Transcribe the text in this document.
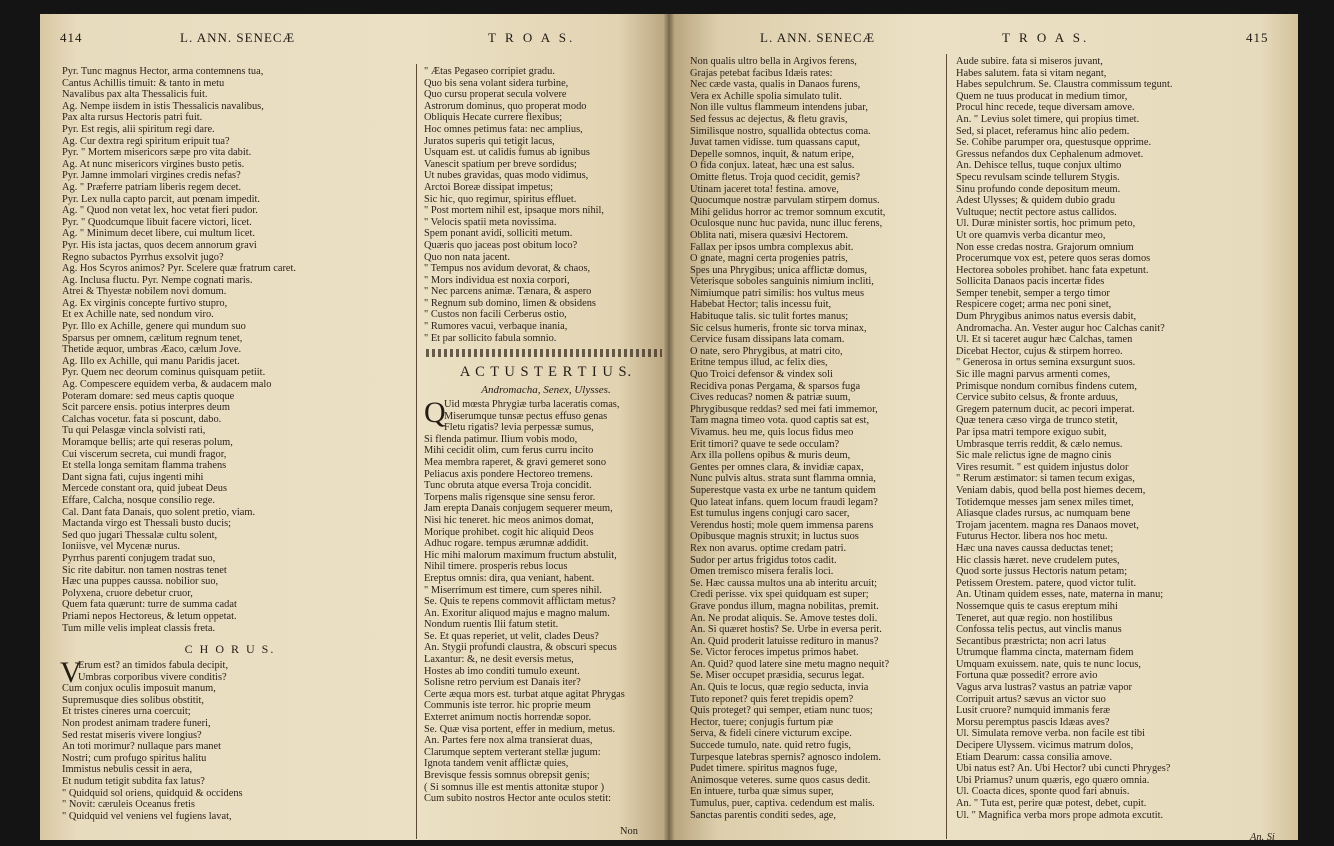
414	L. ANN. SENECÆ	T R O A S.
Pyr. Tunc magnus Hector, arma contemnens tua,
Cantus Achillis timuit: & tanto in metu
Navalibus pax alta Thessalicis fuit.
Ag. Nempe iisdem in istis Thessalicis navalibus,
Pax alta rursus Hectoris patri fuit.
Pyr. Est regis, alii spiritum regi dare.
Ag. Cur dextra regi spiritum eripuit tua?
Pyr. " Mortem misericors sæpe pro vita dabit.
Ag. At nunc misericors virgines busto petis.
Pyr. Jamne immolari virgines credis nefas?
Ag. " Præferre patriam liberis regem decet.
Pyr. Lex nulla capto parcit, aut pœnam impedit.
Ag. " Quod non vetat lex, hoc vetat fieri pudor.
Pyr. " Quodcumque libuit facere victori, licet.
Ag. " Minimum decet libere, cui multum licet.
Pyr. His ista jactas, quos decem annorum gravi
Regno subactos Pyrrhus exsolvit jugo?
Ag. Hos Scyros animos? Pyr. Scelere quæ fratrum caret.
Ag. Inclusa fluctu. Pyr. Nempe cognati maris.
Atrei & Thyestæ nobilem novi domum.
Ag. Ex virginis concepte furtivo stupro,
Et ex Achille nate, sed nondum viro.
Pyr. Illo ex Achille, genere qui mundum suo
Sparsus per omnem, cælitum regnum tenet,
Thetide æquor, umbras Æaco, cælum Jove.
Ag. Illo ex Achille, qui manu Paridis jacet.
Pyr. Quem nec deorum cominus quisquam petiit.
Ag. Compescere equidem verba, & audacem malo
Poteram domare: sed meus captis quoque
Scit parcere ensis. potius interpres deum
Calchas vocetur. fata si poscunt, dabo.
Tu qui Pelasgæ vincla solvisti rati,
Moramque bellis; arte qui reseras polum,
Cui viscerum secreta, cui mundi fragor,
Et stella longa semitam flamma trahens
Dant signa fati, cujus ingenti mihi
Mercede constant ora, quid jubeat Deus
Effare, Calcha, nosque consilio rege.
Cal. Dant fata Danais, quo solent pretio, viam.
Mactanda virgo est Thessali busto ducis;
Sed quo jugari Thessalæ cultu solent,
Ioniisve, vel Mycenæ nurus.
Pyrrhus parenti conjugem tradat suo,
Sic rite dabitur. non tamen nostras tenet
Hæc una puppes caussa. nobilior suo,
Polyxena, cruore debetur cruor,
Quem fata quærunt: turre de summa cadat
Priami nepos Hectoreus, & letum oppetat.
Tum mille velis impleat classis freta.
C H O R U S.
V
Erum est? an timidos fabula decipit,
Umbras corporibus vivere conditis?
Cum conjux oculis imposuit manum,
Supremusque dies solibus obstitit,
Et tristes cineres urna coercuit;
Non prodest animam tradere funeri,
Sed restat miseris vivere longius?
An toti morimur? nullaque pars manet
Nostri; cum profugo spiritus halitu
Immistus nebulis cessit in aera,
Et nudum tetigit subdita fax latus?
" Quidquid sol oriens, quidquid & occidens
" Novit: cæruleis Oceanus fretis
" Quidquid vel veniens vel fugiens lavat,
" Ætas Pegaseo corripiet gradu.
Quo bis sena volant sidera turbine,
Quo cursu properat secula volvere
Astrorum dominus, quo properat modo
Obliquis Hecate currere flexibus;
Hoc omnes petimus fata: nec amplius,
Juratos superis qui tetigit lacus,
Usquam est. ut calidis fumus ab ignibus
Vanescit spatium per breve sordidus;
Ut nubes gravidas, quas modo vidimus,
Arctoi Boreæ dissipat impetus;
Sic hic, quo regimur, spiritus effluet.
" Post mortem nihil est, ipsaque mors nihil,
" Velocis spatii meta novissima.
Spem ponant avidi, solliciti metum.
Quæris quo jaceas post obitum loco?
Quo non nata jacent.
" Tempus nos avidum devorat, & chaos,
" Mors individua est noxia corpori,
" Nec parcens animæ. Tænara, & aspero
" Regnum sub domino, limen & obsidens
" Custos non facili Cerberus ostio,
" Rumores vacui, verbaque inania,
" Et par sollicito fabula somnio.
A C T U S T E R T I U S.
Andromacha, Senex, Ulysses.
Q
Uid mœsta Phrygiæ turba laceratis comas,
Miserumque tunsæ pectus effuso genas
Fletu rigatis? levia perpessæ sumus,
Si flenda patimur. Ilium vobis modo,
Mihi cecidit olim, cum ferus curru incito
Mea membra raperet, & gravi gemeret sono
Peliacus axis pondere Hectoreo tremens.
Tunc obruta atque eversa Troja concidit.
Torpens malis rigensque sine sensu feror.
Jam erepta Danais conjugem sequerer meum,
Nisi hic teneret. hic meos animos domat,
Morique prohibet. cogit hic aliquid Deos
Adhuc rogare. tempus ærumnæ addidit.
Hic mihi malorum maximum fructum abstulit,
Nihil timere. prosperis rebus locus
Ereptus omnis: dira, qua veniant, habent.
" Miserrimum est timere, cum speres nihil.
Se. Quis te repens commovit afflictam metus?
An. Exoritur aliquod majus e magno malum.
Nondum ruentis Ilii fatum stetit.
Se. Et quas reperiet, ut velit, clades Deus?
An. Stygii profundi claustra, & obscuri specus
Laxantur: &, ne desit eversis metus,
Hostes ab imo conditi tumulo exeunt.
Solisne retro pervium est Danais iter?
Certe æqua mors est. turbat atque agitat Phrygas
Communis iste terror. hic proprie meum
Exterret animum noctis horrendæ sopor.
Se. Quæ visa portent, effer in medium, metus.
An. Partes fere nox alma transierat duas,
Clarumque septem verterant stellæ jugum:
Ignota tandem venit afflictæ quies,
Brevisque fessis somnus obrepsit genis;
( Si somnus ille est mentis attonitæ stupor )
Cum subito nostros Hector ante oculos stetit:
Non
L. ANN. SENECÆ	T R O A S.	415
Non qualis ultro bella in Argivos ferens,
Grajas petebat facibus Idæis rates:
Nec cæde vasta, qualis in Danaos furens,
Vera ex Achille spolia simulato tulit.
Non ille vultus flammeum intendens jubar,
Sed fessus ac dejectus, & fletu gravis,
Similisque nostro, squallida obtectus coma.
Juvat tamen vidisse. tum quassans caput,
Depelle somnos, inquit, & natum eripe,
O fida conjux. lateat, hæc una est salus.
Omitte fletus. Troja quod cecidit, gemis?
Utinam jaceret tota! festina. amove,
Quocumque nostræ parvulam stirpem domus.
Mihi gelidus horror ac tremor somnum excutit,
Oculosque nunc huc pavida, nunc illuc ferens,
Oblita nati, misera quæsivi Hectorem.
Fallax per ipsos umbra complexus abit.
O gnate, magni certa progenies patris,
Spes una Phrygibus; unica afflictæ domus,
Veterisque soboles sanguinis nimium incliti,
Nimiumque patri similis: hos vultus meus
Habebat Hector; talis incessu fuit,
Habituque talis. sic tulit fortes manus;
Sic celsus humeris, fronte sic torva minax,
Cervice fusam dissipans lata comam.
O nate, sero Phrygibus, at matri cito,
Eritne tempus illud, ac felix dies,
Quo Troici defensor & vindex soli
Recidiva ponas Pergama, & sparsos fuga
Cives reducas? nomen & patriæ suum,
Phrygibusque reddas? sed mei fati immemor,
Tam magna timeo vota. quod captis sat est,
Vivamus. heu me, quis locus fidus meo
Erit timori? quave te sede occulam?
Arx illa pollens opibus & muris deum,
Gentes per omnes clara, & invidiæ capax,
Nunc pulvis altus. strata sunt flamma omnia,
Superestque vasta ex urbe ne tantum quidem
Quo lateat infans. quem locum fraudi legam?
Est tumulus ingens conjugi caro sacer,
Verendus hosti; mole quem immensa parens
Opibusque magnis struxit; in luctus suos
Rex non avarus. optime credam patri.
Sudor per artus frigidus totos cadit.
Omen tremisco misera feralis loci.
Se. Hæc caussa multos una ab interitu arcuit;
Credi perisse. vix spei quidquam est super;
Grave pondus illum, magna nobilitas, premit.
An. Ne prodat aliquis. Se. Amove testes doli.
An. Si quæret hostis? Se. Urbe in eversa perit.
An. Quid proderit latuisse redituro in manus?
Se. Victor feroces impetus primos habet.
An. Quid? quod latere sine metu magno nequit?
Se. Miser occupet præsidia, securus legat.
An. Quis te locus, quæ regio seducta, invia
Tuto reponet? quis feret trepidis opem?
Quis proteget? qui semper, etiam nunc tuos;
Hector, tuere; conjugis furtum piæ
Serva, & fideli cinere victurum excipe.
Succede tumulo, nate. quid retro fugis,
Turpesque latebras spernis? agnosco indolem.
Pudet timere. spiritus magnos fuge,
Animosque veteres. sume quos casus dedit.
En intuere, turba quæ simus super,
Tumulus, puer, captiva. cedendum est malis.
Sanctas parentis conditi sedes, age,
Aude subire. fata si miseros juvant,
Habes salutem. fata si vitam negant,
Habes sepulchrum. Se. Claustra commissum tegunt.
Quem ne tuus producat in medium timor,
Procul hinc recede, teque diversam amove.
An. " Levius solet timere, qui propius timet.
Sed, si placet, referamus hinc alio pedem.
Se. Cohibe parumper ora, questusque opprime.
Gressus nefandos dux Cephalenum admovet.
An. Dehisce tellus, tuque conjux ultimo
Specu revulsam scinde tellurem Stygis.
Sinu profundo conde depositum meum.
Adest Ulysses; & quidem dubio gradu
Vultuque; nectit pectore astus callidos.
Ul. Duræ minister sortis, hoc primum peto,
Ut ore quamvis verba dicantur meo,
Non esse credas nostra. Grajorum omnium
Procerumque vox est, petere quos seras domos
Hectorea soboles prohibet. hanc fata expetunt.
Sollicita Danaos pacis incertæ fides
Semper tenebit, semper a tergo timor
Respicere coget; arma nec poni sinet,
Dum Phrygibus animos natus eversis dabit,
Andromacha. An. Vester augur hoc Calchas canit?
Ul. Et si taceret augur hæc Calchas, tamen
Dicebat Hector, cujus & stirpem horreo.
" Generosa in ortus semina exsurgunt suos.
Sic ille magni parvus armenti comes,
Primisque nondum cornibus findens cutem,
Cervice subito celsus, & fronte arduus,
Gregem paternum ducit, ac pecori imperat.
Quæ tenera cæso virga de trunco stetit,
Par ipsa matri tempore exiguo subit,
Umbrasque terris reddit, & cælo nemus.
Sic male relictus igne de magno cinis
Vires resumit. " est quidem injustus dolor
" Rerum æstimator: si tamen tecum exigas,
Veniam dabis, quod bella post hiemes decem,
Totidemque messes jam senex miles timet,
Aliasque clades rursus, ac numquam bene
Trojam jacentem. magna res Danaos movet,
Futurus Hector. libera nos hoc metu.
Hæc una naves caussa deductas tenet;
Hic classis hæret. neve crudelem putes,
Quod sorte jussus Hectoris natum petam;
Petissem Orestem. patere, quod victor tulit.
An. Utinam quidem esses, nate, materna in manu;
Nossemque quis te casus ereptum mihi
Teneret, aut quæ regio. non hostilibus
Confossa telis pectus, aut vinclis manus
Secantibus præstricta; non acri latus
Utrumque flamma cincta, maternam fidem
Umquam exuissem. nate, quis te nunc locus,
Fortuna quæ possedit? errore avio
Vagus arva lustras? vastus an patriæ vapor
Corripuit artus? sævus an victor suo
Lusit cruore? numquid immanis feræ
Morsu peremptus pascis Idæas aves?
Ul. Simulata remove verba. non facile est tibi
Decipere Ulyssem. vicimus matrum dolos,
Etiam Dearum: cassa consilia amove.
Ubi natus est? An. Ubi Hector? ubi cuncti Phryges?
Ubi Priamus? unum quæris, ego quæro omnia.
Ul. Coacta dices, sponte quod fari abnuis.
An. " Tuta est, perire quæ potest, debet, cupit.
Ul. " Magnifica verba mors prope admota excutit.
An. Si
